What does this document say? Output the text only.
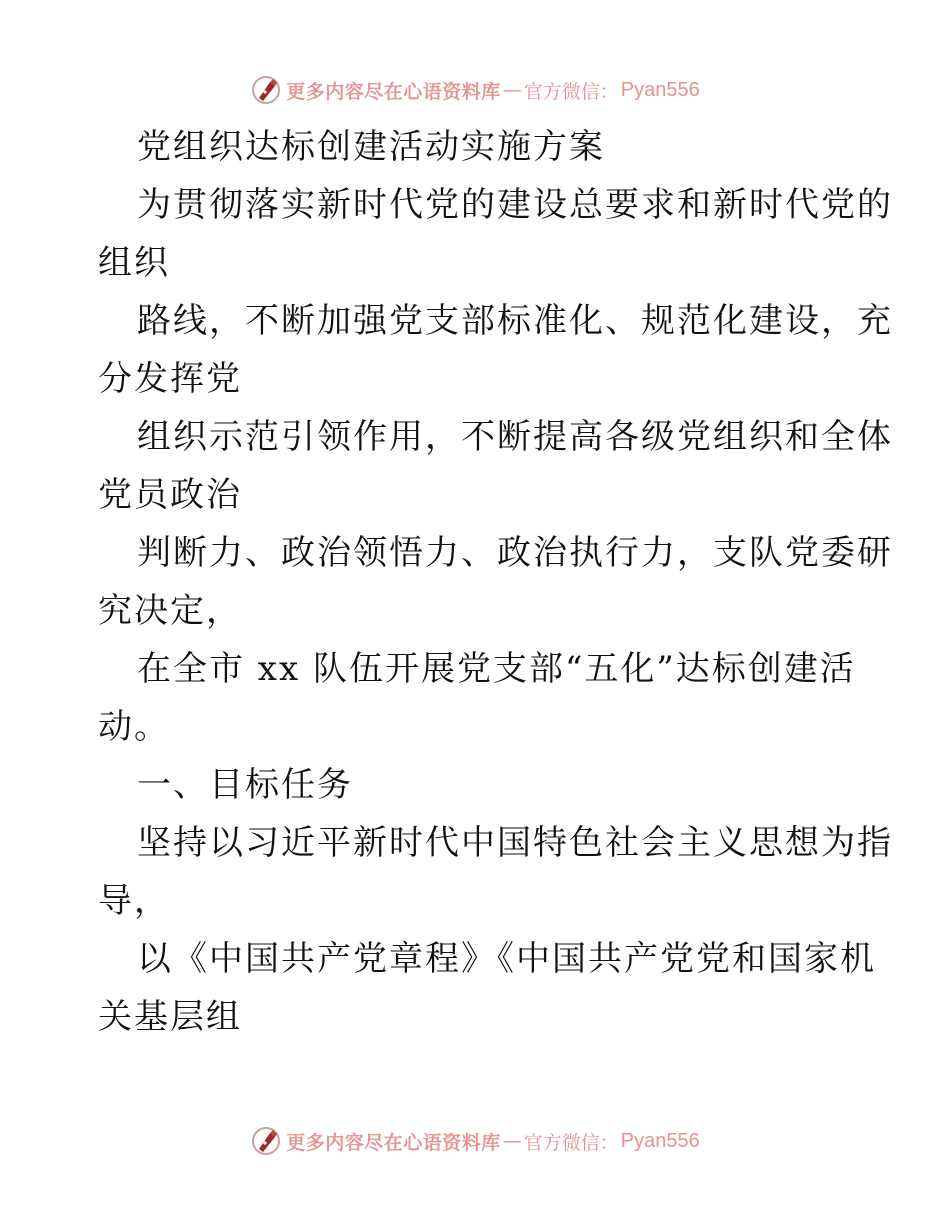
更多内容尽在心语资料库 — 官方微信： Pyan556
党组织达标创建活动实施方案
为贯彻落实新时代党的建设总要求和新时代党的
组织
路线，不断加强党支部标准化、规范化建设，充
分发挥党
组织示范引领作用，不断提高各级党组织和全体
党员政治
判断力、政治领悟力、政治执行力，支队党委研
究决定，
在全市 xx 队伍开展党支部“五化”达标创建活
动。
一、目标任务
坚持以习近平新时代中国特色社会主义思想为指
导，
以《中国共产党章程》《中国共产党党和国家机
关基层组
更多内容尽在心语资料库 — 官方微信： Pyan556
